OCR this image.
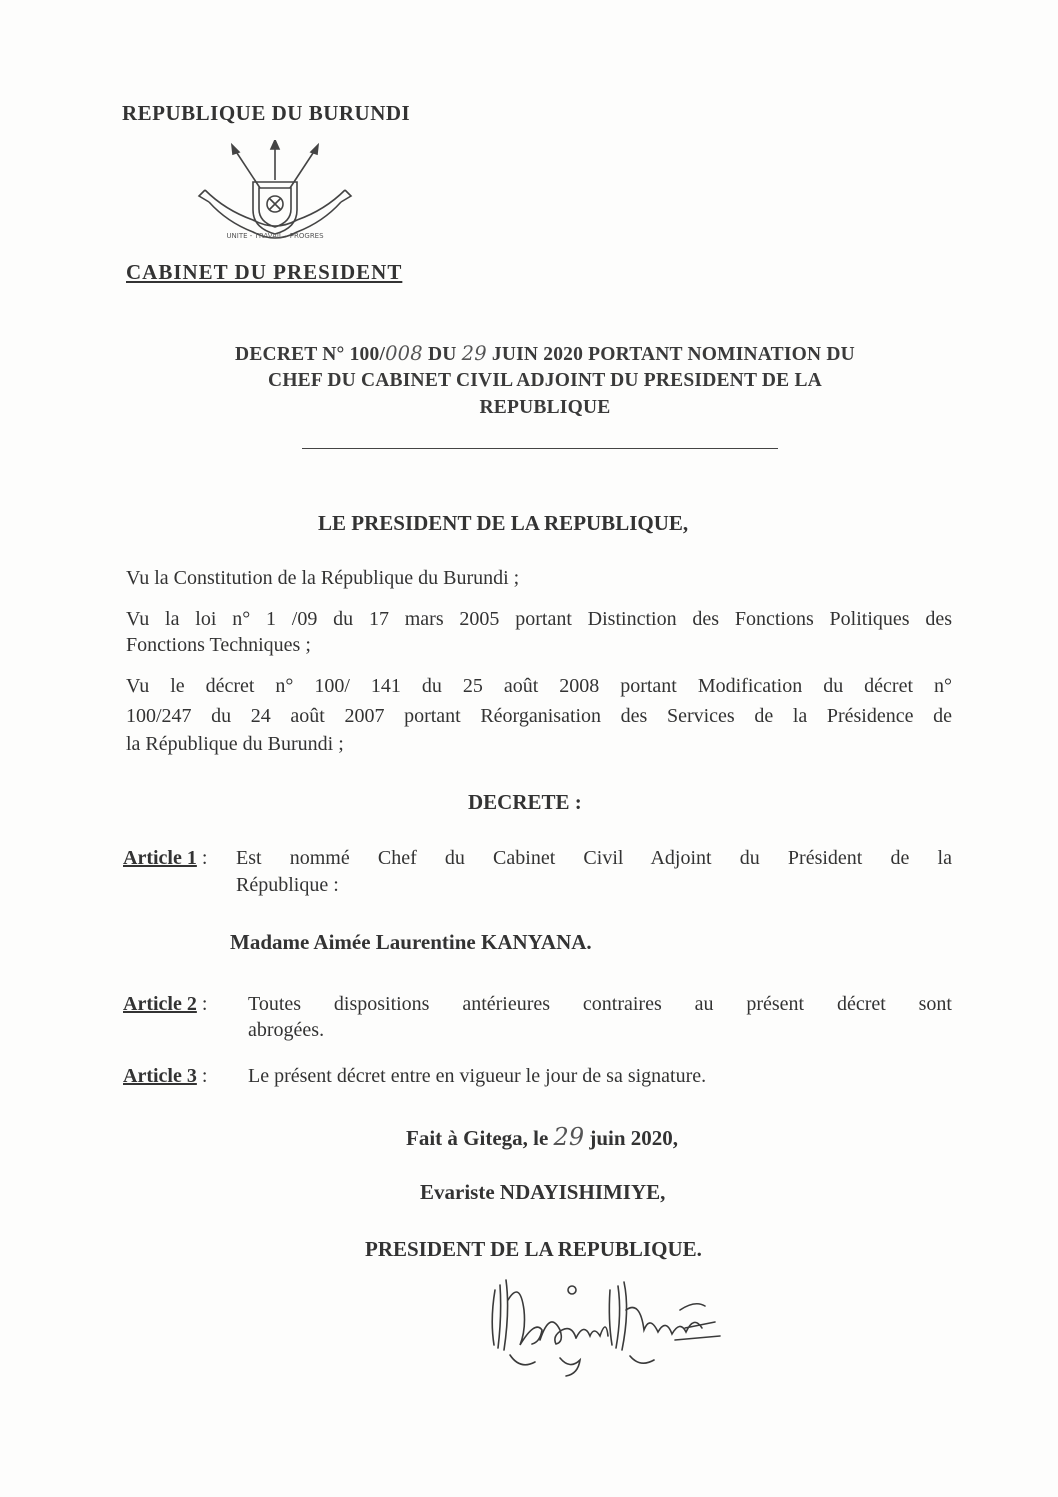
REPUBLIQUE DU BURUNDI
UNITE - TRAVAIL - PROGRES
CABINET DU PRESIDENT
DECRET N° 100/008 DU 29 JUIN 2020 PORTANT NOMINATION DU
CHEF DU CABINET CIVIL ADJOINT DU PRESIDENT DE LA
REPUBLIQUE
LE PRESIDENT DE LA REPUBLIQUE,
Vu la Constitution de la République du Burundi ;
Vu la loi n° 1 /09 du 17 mars 2005 portant Distinction des Fonctions Politiques des
Fonctions Techniques ;
Vu le décret n° 100/ 141 du 25 août 2008 portant Modification du décret n°
100/247 du 24 août 2007 portant Réorganisation des Services de la Présidence de
la République du Burundi ;
DECRETE :
Article 1 : Est nommé Chef du Cabinet Civil Adjoint du Président de la
République :
Madame Aimée Laurentine KANYANA.
Article 2 : Toutes dispositions antérieures contraires au présent décret sont
abrogées.
Article 3 : Le présent décret entre en vigueur le jour de sa signature.
Fait à Gitega, le 29 juin 2020,
Evariste NDAYISHIMIYE,
PRESIDENT DE LA REPUBLIQUE.
